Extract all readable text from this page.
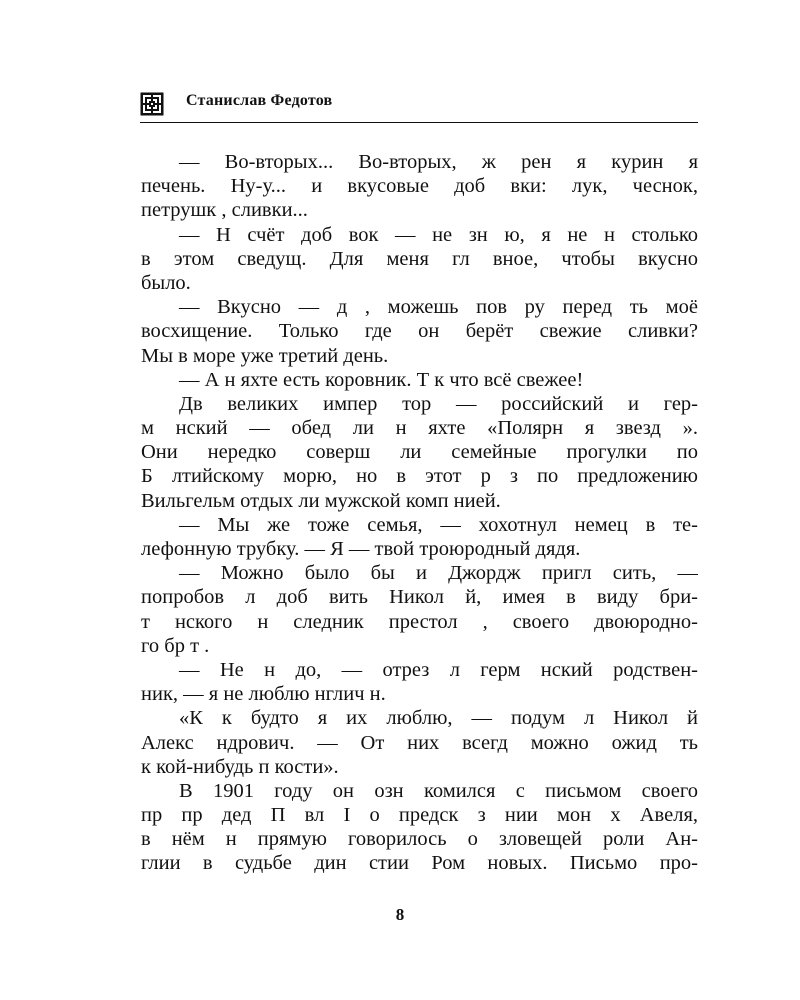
Станислав Федотов
— Во-вторых... Во-вторых, ж рен я курин я
печень. Ну-у... и вкусовые доб вки: лук, чеснок,
петрушк , сливки...
— Н счёт доб вок — не зн ю, я не н столько
в этом сведущ. Для меня гл вное, чтобы вкусно
было.
— Вкусно — д , можешь пов ру перед ть моё
восхищение. Только где он берёт свежие сливки?
Мы в море уже третий день.
— А н яхте есть коровник. Т к что всё свежее!
Дв великих импер тор — российский и гер-
м нский — обед ли н яхте «Полярн я звезд ».
Они нередко соверш ли семейные прогулки по
Б лтийскому морю, но в этот р з по предложению
Вильгельм отдых ли мужской комп нией.
— Мы же тоже семья, — хохотнул немец в те-
лефонную трубку. — Я — твой троюродный дядя.
— Можно было бы и Джордж пригл сить, —
попробов л доб вить Никол й, имея в виду бри-
т нского н следник престол , своего двоюродно-
го бр т .
— Не н до, — отрез л герм нский родствен-
ник, — я не люблю нглич н.
«К к будто я их люблю, — подум л Никол й
Алекс ндрович. — От них всегд можно ожид ть
к кой-нибудь п кости».
В 1901 году он озн комился с письмом своего
пр пр дед П вл I о предск з нии мон х Авеля,
в нём н прямую говорилось о зловещей роли Ан-
глии в судьбе дин стии Ром новых. Письмо про-
8
